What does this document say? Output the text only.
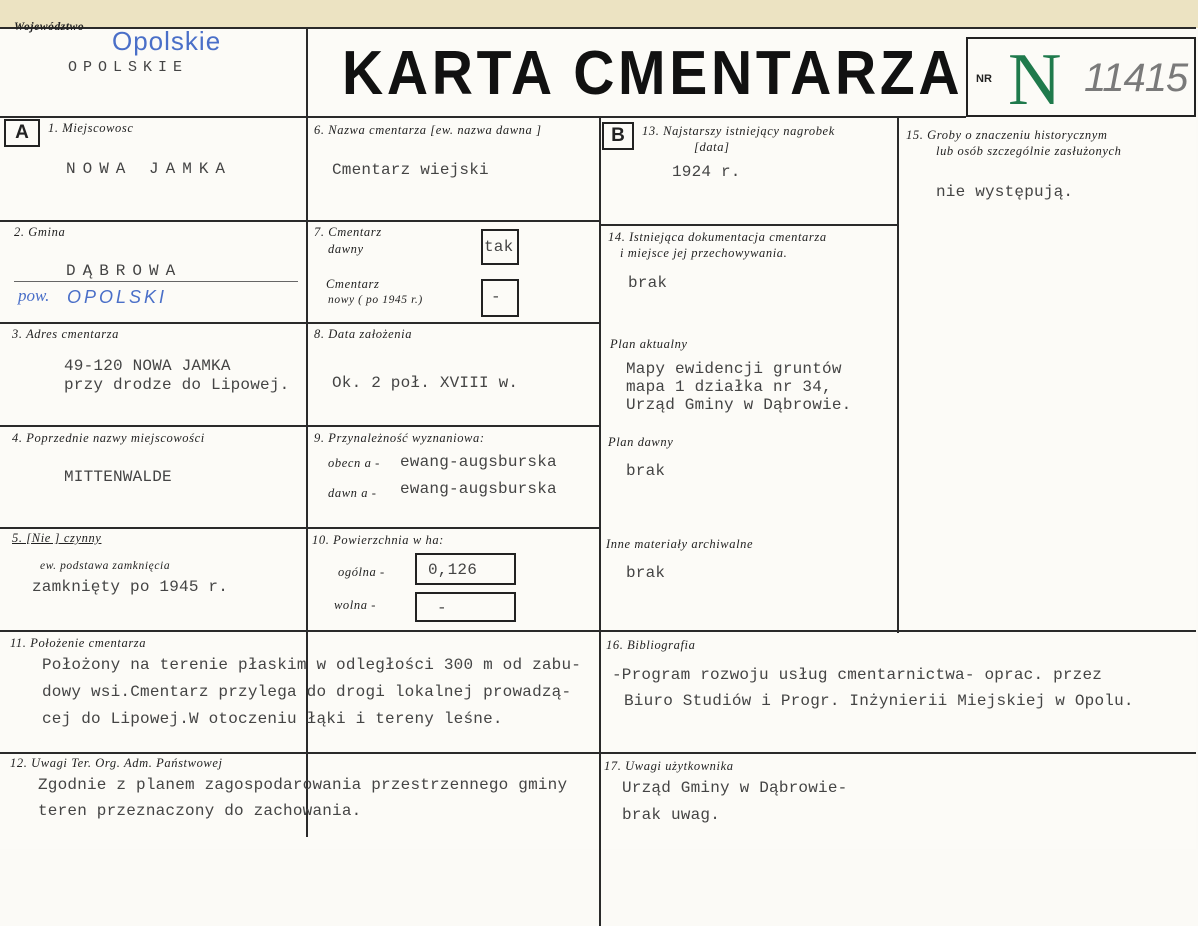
Województwo Opolskie
OPOLSKIE KARTA CMENTARZA NR N 11415
A	1. Miejscowosc
NOWA JAMKA
2. Gmina
DĄBROWA
pow. OPOLSKI
3. Adres cmentarza
49-120 NOWA JAMKA
przy drodze do Lipowej.
4. Poprzednie nazwy miejscowości
MITTENWALDE
5. [Nie ] czynny
ew. podstawa zamknięcia
zamknięty po 1945 r.
6. Nazwa cmentarza [ew. nazwa dawna ]
Cmentarz wiejski
7. Cmentarz
dawny	tak
Cmentarz
nowy ( po 1945 r.)	-
8. Data założenia
Ok. 2 poł. XVIII w.
9. Przynależność wyznaniowa:
obecn a - ewang-augsburska
dawn a - ewang-augsburska
10. Powierzchnia w ha:
ogólna -	0,126
wolna -	-
B	13. Najstarszy istniejący nagrobek
[data]
1924 r.
14. Istniejąca dokumentacja cmentarza
i miejsce jej przechowywania.
brak
Plan aktualny
Mapy ewidencji gruntów
mapa 1 działka nr 34,
Urząd Gminy w Dąbrowie.
Plan dawny
brak
Inne materiały archiwalne
brak
15. Groby o znaczeniu historycznym
lub osób szczególnie zasłużonych
nie występują.
11. Położenie cmentarza
Położony na terenie płaskim w odległości 300 m od zabu-
dowy wsi.Cmentarz przylega do drogi lokalnej prowadzą-
cej do Lipowej.W otoczeniu łąki i tereny leśne.
16. Bibliografia
-Program rozwoju usług cmentarnictwa- oprac. przez
Biuro Studiów i Progr. Inżynierii Miejskiej w Opolu.
12. Uwagi Ter. Org. Adm. Państwowej
Zgodnie z planem zagospodarowania przestrzennego gminy
teren przeznaczony do zachowania.
17. Uwagi użytkownika
Urząd Gminy w Dąbrowie-
brak uwag.
